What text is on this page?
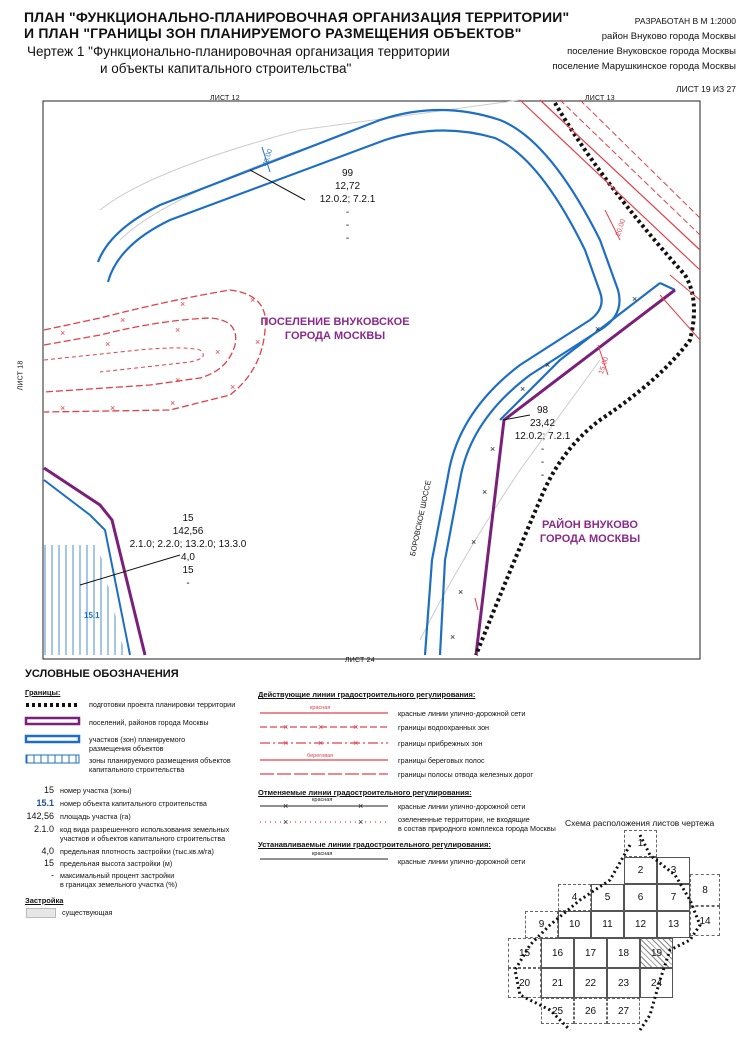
ПЛАН "ФУНКЦИОНАЛЬНО-ПЛАНИРОВОЧНАЯ ОРГАНИЗАЦИЯ ТЕРРИТОРИИ"
И ПЛАН "ГРАНИЦЫ ЗОН ПЛАНИРУЕМОГО РАЗМЕЩЕНИЯ ОБЪЕКТОВ"
Чертеж 1 "Функционально-планировочная организация территории
и объекты капитального строительства"
РАЗРАБОТАН В М 1:2000
район Внуково города Москвы
поселение Внуковское города Москвы
поселение Марушкинское города Москвы
ЛИСТ 19 ИЗ 27
×
×
×	×
×
×
×
×
×
×
×
×
×
×
×
×
×
×
×
×
×
×
ЛИСТ 12	ЛИСТ 13
ЛИСТ 18
ЛИСТ 24
ПОСЕЛЕНИЕ ВНУКОВСКОЕ
ГОРОДА МОСКВЫ
РАЙОН ВНУКОВО
ГОРОДА МОСКВЫ
БОРОВСКОЕ ШОССЕ
40,00
20,00
15,00
99
12,72
12.0.2; 7.2.1
-
-
-
98
23,42
12.0.2; 7.2.1
-
-
-
15
142,56
2.1.0; 2.2.0; 13.2.0; 13.3.0
4,0
15
-
15.1
УСЛОВНЫЕ ОБОЗНАЧЕНИЯ
Границы:
подготовки проекта планировки территории
поселений, районов города Москвы
участков (зон) планируемого
размещения объектов
зоны планируемого размещения объектов
капитального строительства
15 номер участка (зоны)
15.1 номер объекта капитального строительства
142,56 площадь участка (га)
2.1.0 код вида разрешенного использования земельных
участков и объектов капитального строительства
4,0 предельная плотность застройки (тыс.кв.м/га)
15 предельная высота застройки (м)
- максимальный процент застройки
в границах земельного участка (%)
Застройка
существующая
Действующие линии градостроительного регулирования:
×	×	×
×	×	×
красная
красные линии улично-дорожной сети
границы водоохранных зон
границы прибрежных зон
береговая	границы береговых полос
границы полосы отвода железных дорог
Отменяемые линии градостроительного регулирования:
×	×
×	×
красная
красные линии улично-дорожной сети
озелененные территории, не входящие
в состав природного комплекса города Москвы
Устанавливаемые линии градостроительного регулирования:
красная
красные линии улично-дорожной сети
Схема расположения листов чертежа
1
2	3
8
4	5	6	7
14
9	10	11	12	13
15	16	17	18	19
20	21	22	23	24
25	26	27
